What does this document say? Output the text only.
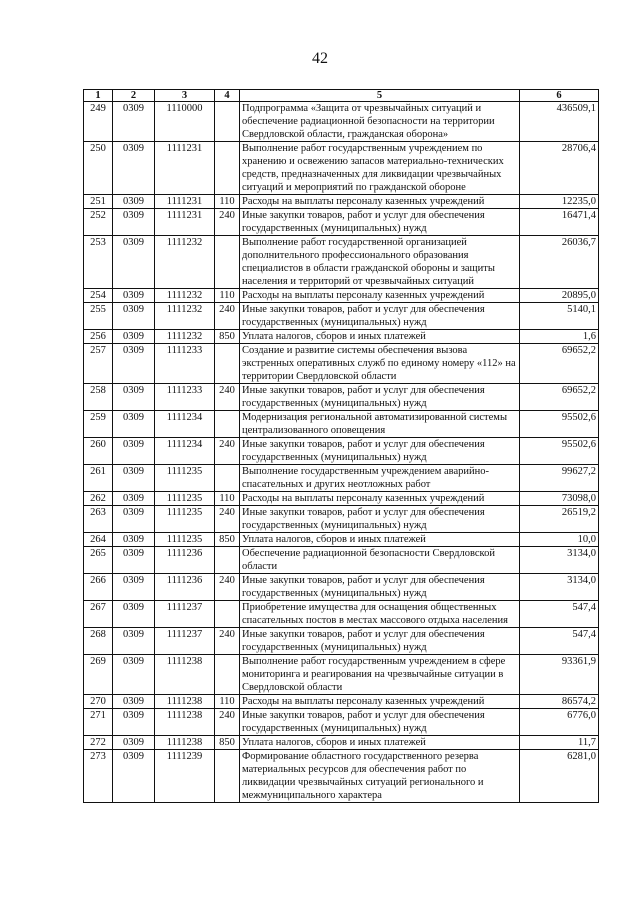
42
1	2	3	4	5	6
249	0309	1110000		Подпрограмма «Защита от чрезвычайных ситуаций и обеспечение радиационной безопасности на территории Свердловской области, гражданская оборона»	436509,1
250	0309	1111231		Выполнение работ государственным учреждением по хранению и освежению запасов материально-технических средств, предназначенных для ликвидации чрезвычайных ситуаций и мероприятий по гражданской обороне	28706,4
251	0309	1111231	110	Расходы на выплаты персоналу казенных учреждений	12235,0
252	0309	1111231	240	Иные закупки товаров, работ и услуг для обеспечения государственных (муниципальных) нужд	16471,4
253	0309	1111232		Выполнение работ государственной организацией дополнительного профессионального образования специалистов в области гражданской обороны и защиты населения и территорий от чрезвычайных ситуаций	26036,7
254	0309	1111232	110	Расходы на выплаты персоналу казенных учреждений	20895,0
255	0309	1111232	240	Иные закупки товаров, работ и услуг для обеспечения государственных (муниципальных) нужд	5140,1
256	0309	1111232	850	Уплата налогов, сборов и иных платежей	1,6
257	0309	1111233		Создание и развитие системы обеспечения вызова экстренных оперативных служб по единому номеру «112» на территории Свердловской области	69652,2
258	0309	1111233	240	Иные закупки товаров, работ и услуг для обеспечения государственных (муниципальных) нужд	69652,2
259	0309	1111234		Модернизация региональной автоматизированной системы централизованного оповещения	95502,6
260	0309	1111234	240	Иные закупки товаров, работ и услуг для обеспечения государственных (муниципальных) нужд	95502,6
261	0309	1111235		Выполнение государственным учреждением аварийно-спасательных и других неотложных работ	99627,2
262	0309	1111235	110	Расходы на выплаты персоналу казенных учреждений	73098,0
263	0309	1111235	240	Иные закупки товаров, работ и услуг для обеспечения государственных (муниципальных) нужд	26519,2
264	0309	1111235	850	Уплата налогов, сборов и иных платежей	10,0
265	0309	1111236		Обеспечение радиационной безопасности Свердловской области	3134,0
266	0309	1111236	240	Иные закупки товаров, работ и услуг для обеспечения государственных (муниципальных) нужд	3134,0
267	0309	1111237		Приобретение имущества для оснащения общественных спасательных постов в местах массового отдыха населения	547,4
268	0309	1111237	240	Иные закупки товаров, работ и услуг для обеспечения государственных (муниципальных) нужд	547,4
269	0309	1111238		Выполнение работ государственным учреждением в сфере мониторинга и реагирования на чрезвычайные ситуации в Свердловской области	93361,9
270	0309	1111238	110	Расходы на выплаты персоналу казенных учреждений	86574,2
271	0309	1111238	240	Иные закупки товаров, работ и услуг для обеспечения государственных (муниципальных) нужд	6776,0
272	0309	1111238	850	Уплата налогов, сборов и иных платежей	11,7
273	0309	1111239		Формирование областного государственного резерва материальных ресурсов для обеспечения работ по ликвидации чрезвычайных ситуаций регионального и межмуниципального характера	6281,0
